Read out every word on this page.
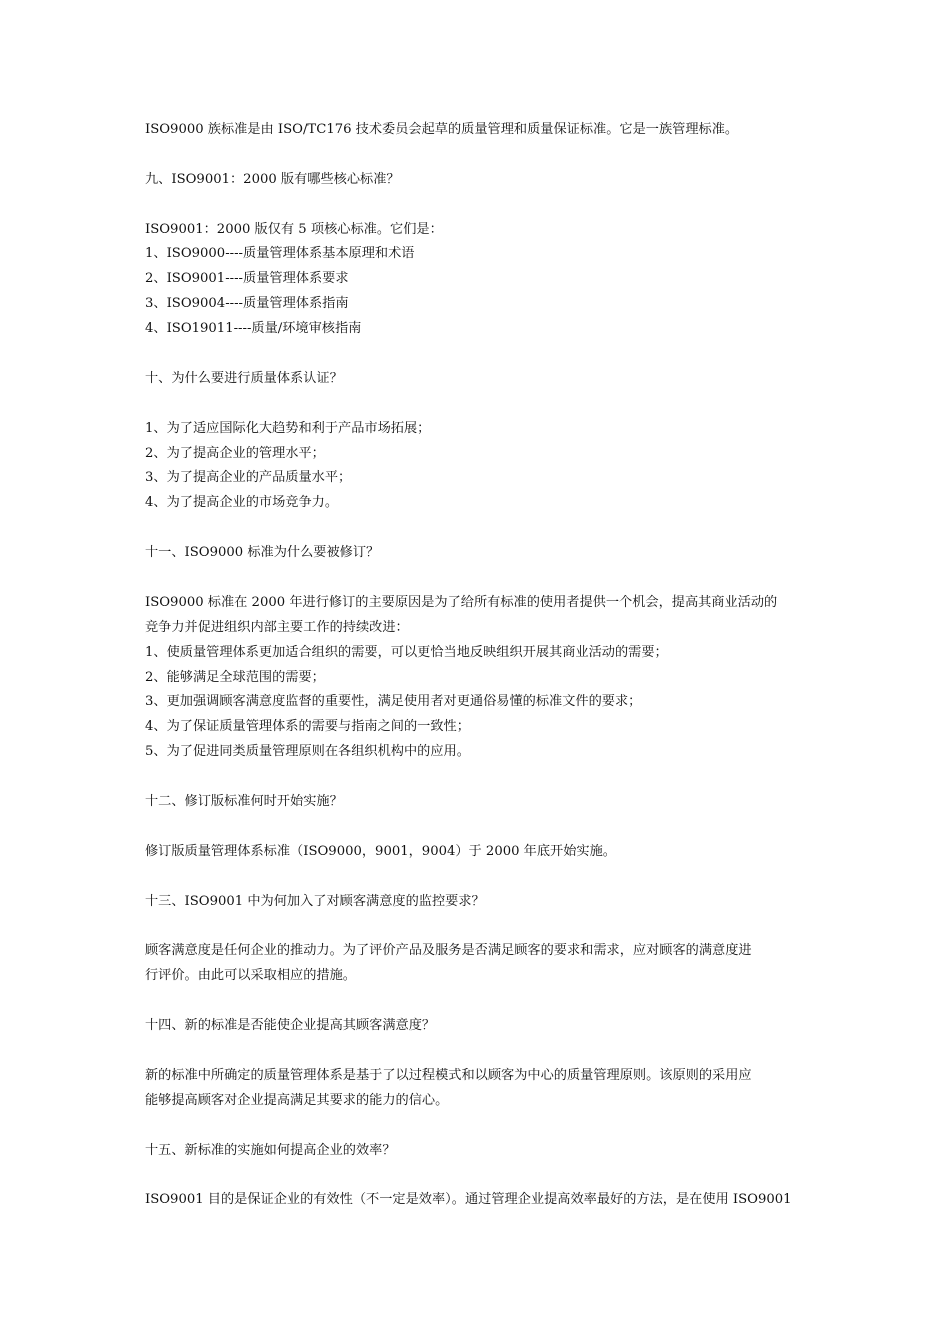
ISO9000 族标准是由 ISO/TC176 技术委员会起草的质量管理和质量保证标准。它是一族管理标准。
九、ISO9001：2000 版有哪些核心标准？
ISO9001：2000 版仅有 5 项核心标准。它们是：
1、ISO9000----质量管理体系基本原理和术语
2、ISO9001----质量管理体系要求
3、ISO9004----质量管理体系指南
4、ISO19011----质量/环境审核指南
十、为什么要进行质量体系认证？
1、为了适应国际化大趋势和利于产品市场拓展；
2、为了提高企业的管理水平；
3、为了提高企业的产品质量水平；
4、为了提高企业的市场竞争力。
十一、ISO9000 标准为什么要被修订？
ISO9000 标准在 2000 年进行修订的主要原因是为了给所有标准的使用者提供一个机会，提高其商业活动的
竞争力并促进组织内部主要工作的持续改进：
1、使质量管理体系更加适合组织的需要，可以更恰当地反映组织开展其商业活动的需要；
2、能够满足全球范围的需要；
3、更加强调顾客满意度监督的重要性，满足使用者对更通俗易懂的标准文件的要求；
4、为了保证质量管理体系的需要与指南之间的一致性；
5、为了促进同类质量管理原则在各组织机构中的应用。
十二、修订版标准何时开始实施？
修订版质量管理体系标准（ISO9000，9001，9004）于 2000 年底开始实施。
十三、ISO9001 中为何加入了对顾客满意度的监控要求？
顾客满意度是任何企业的推动力。为了评价产品及服务是否满足顾客的要求和需求，应对顾客的满意度进
行评价。由此可以采取相应的措施。
十四、新的标准是否能使企业提高其顾客满意度？
新的标准中所确定的质量管理体系是基于了以过程模式和以顾客为中心的质量管理原则。该原则的采用应
能够提高顾客对企业提高满足其要求的能力的信心。
十五、新标准的实施如何提高企业的效率？
ISO9001 目的是保证企业的有效性（不一定是效率）。通过管理企业提高效率最好的方法，是在使用 ISO9001
